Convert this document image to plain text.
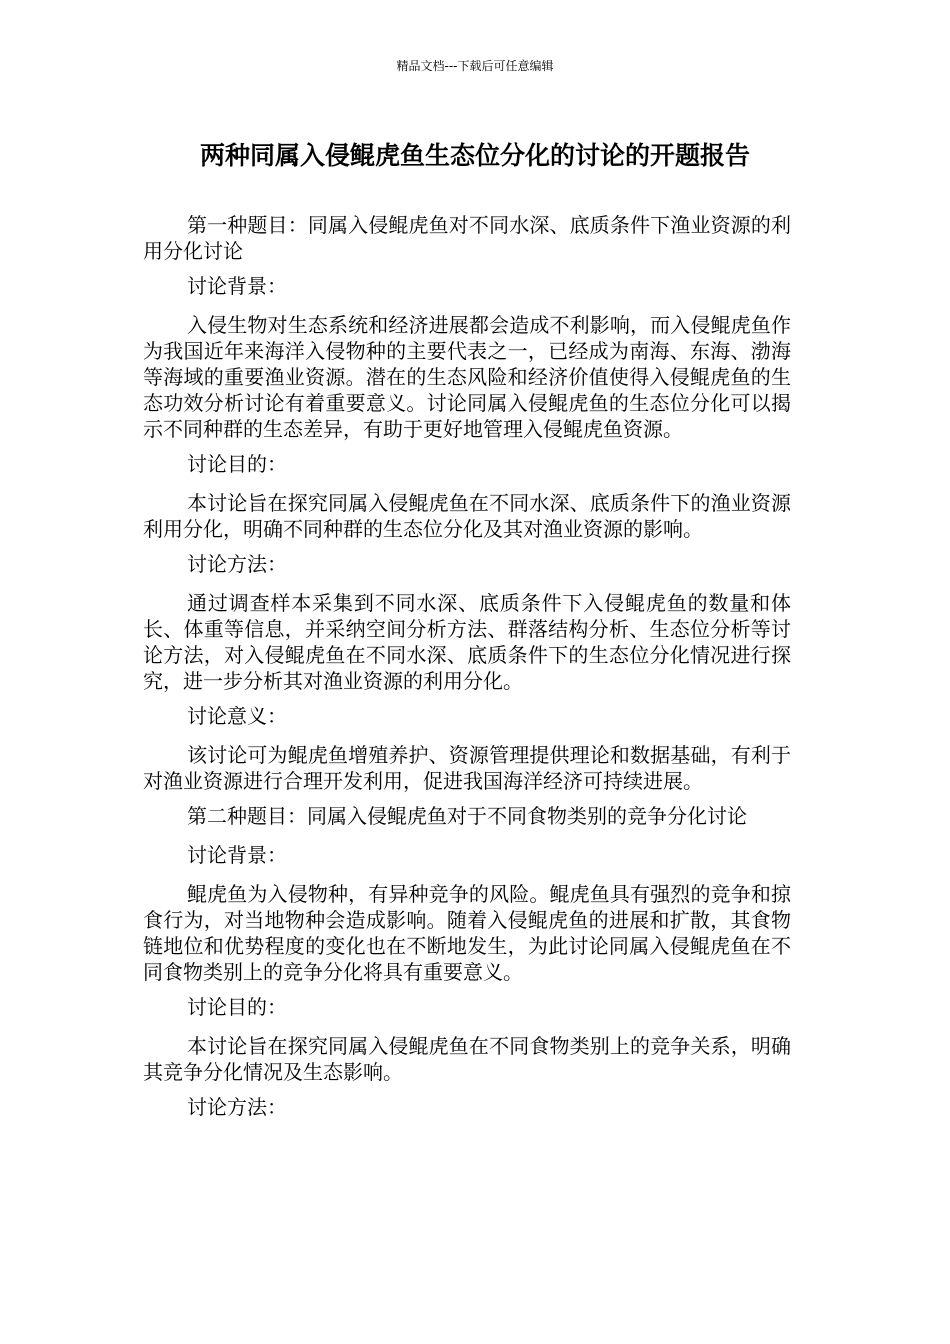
精品文档---下载后可任意编辑
两种同属入侵鲲虎鱼生态位分化的讨论的开题报告

第一种题目：同属入侵鲲虎鱼对不同水深、底质条件下渔业资源的利用分化讨论

讨论背景：

入侵生物对生态系统和经济进展都会造成不利影响，而入侵鲲虎鱼作为我国近年来海洋入侵物种的主要代表之一，已经成为南海、东海、渤海等海域的重要渔业资源。潜在的生态风险和经济价值使得入侵鲲虎鱼的生态功效分析讨论有着重要意义。讨论同属入侵鲲虎鱼的生态位分化可以揭示不同种群的生态差异，有助于更好地管理入侵鲲虎鱼资源。

讨论目的：

本讨论旨在探究同属入侵鲲虎鱼在不同水深、底质条件下的渔业资源利用分化，明确不同种群的生态位分化及其对渔业资源的影响。

讨论方法：

通过调查样本采集到不同水深、底质条件下入侵鲲虎鱼的数量和体长、体重等信息，并采纳空间分析方法、群落结构分析、生态位分析等讨论方法，对入侵鲲虎鱼在不同水深、底质条件下的生态位分化情况进行探究，进一步分析其对渔业资源的利用分化。

讨论意义：

该讨论可为鲲虎鱼增殖养护、资源管理提供理论和数据基础，有利于对渔业资源进行合理开发利用，促进我国海洋经济可持续进展。

第二种题目：同属入侵鲲虎鱼对于不同食物类别的竞争分化讨论

讨论背景：

鲲虎鱼为入侵物种，有异种竞争的风险。鲲虎鱼具有强烈的竞争和掠食行为，对当地物种会造成影响。随着入侵鲲虎鱼的进展和扩散，其食物链地位和优势程度的变化也在不断地发生，为此讨论同属入侵鲲虎鱼在不同食物类别上的竞争分化将具有重要意义。

讨论目的：

本讨论旨在探究同属入侵鲲虎鱼在不同食物类别上的竞争关系，明确其竞争分化情况及生态影响。

讨论方法：
